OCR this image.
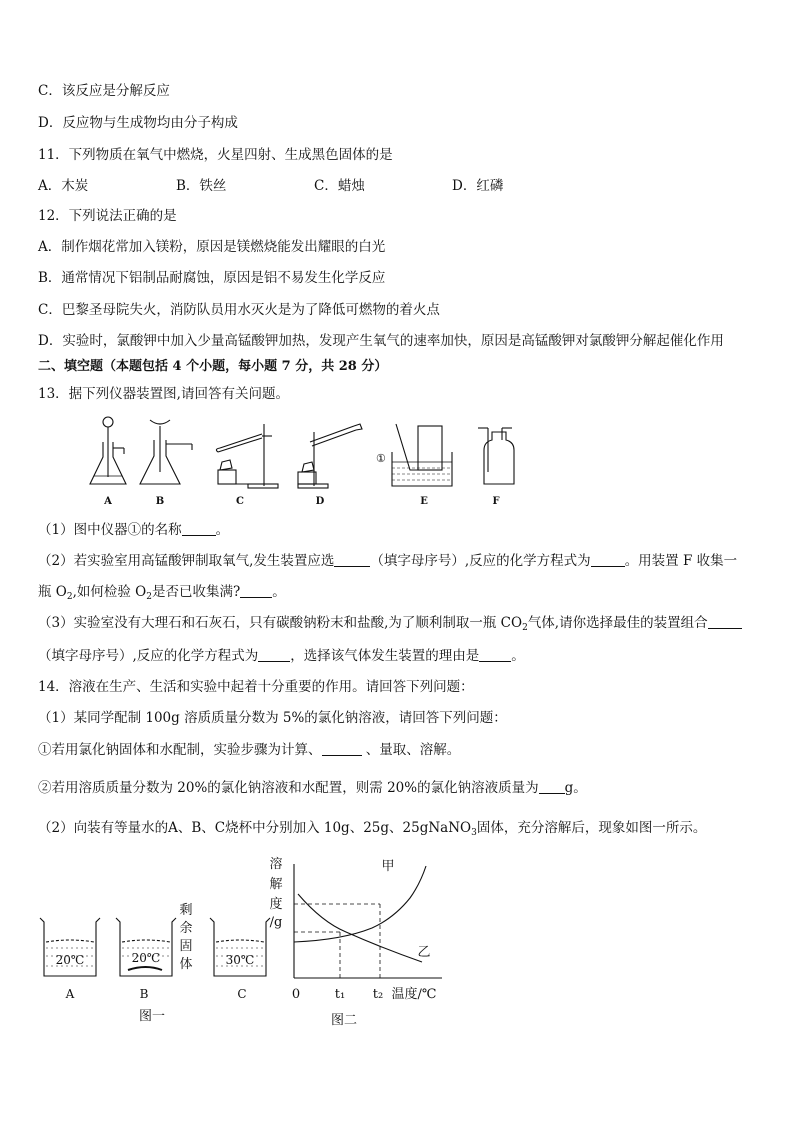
C．该反应是分解反应
D．反应物与生成物均由分子构成
11．下列物质在氧气中燃烧，火星四射、生成黑色固体的是
A．木炭	B．铁丝	C．蜡烛	D．红磷
12．下列说法正确的是
A．制作烟花常加入镁粉，原因是镁燃烧能发出耀眼的白光
B．通常情况下铝制品耐腐蚀，原因是铝不易发生化学反应
C．巴黎圣母院失火，消防队员用水灭火是为了降低可燃物的着火点
D．实验时，氯酸钾中加入少量高锰酸钾加热，发现产生氧气的速率加快，原因是高锰酸钾对氯酸钾分解起催化作用
二、填空题（本题包括 4 个小题，每小题 7 分，共 28 分）
13．据下列仪器装置图,请回答有关问题。
①
A	B	C	D	E	F
（1）图中仪器①的名称	。
（2）若实验室用高锰酸钾制取氧气,发生装置应选	（填字母序号）,反应的化学方程式为	。用装置 F 收集一
瓶 $O_2$,如何检验 $O_2$是否已收集满? 。
（3）实验室没有大理石和石灰石，只有碳酸钠粉末和盐酸,为了顺利制取一瓶 $CO_2$气体,请你选择最佳的装置组合
（填字母序号）,反应的化学方程式为 ，选择该气体发生装置的理由是 。
14．溶液在生产、生活和实验中起着十分重要的作用。请回答下列问题：
（1）某同学配制 100g 溶质质量分数为 5%的氯化钠溶液，请回答下列问题：
①若用氯化钠固体和水配制，实验步骤为计算、	、量取、溶解。
②若用溶质质量分数为 20%的氯化钠溶液和水配置，则需 20%的氯化钠溶液质量为 g。
（2）向装有等量水的A、B、C烧杯中分别加入 10g、25g、25gNaNO$_3$固体，充分溶解后，现象如图一所示。
20℃	20℃	30℃
A	B	C
剩
余
固
体
图一
溶
解
度
/g
甲
乙
0	t₁ t₂ 温度/℃
图二
